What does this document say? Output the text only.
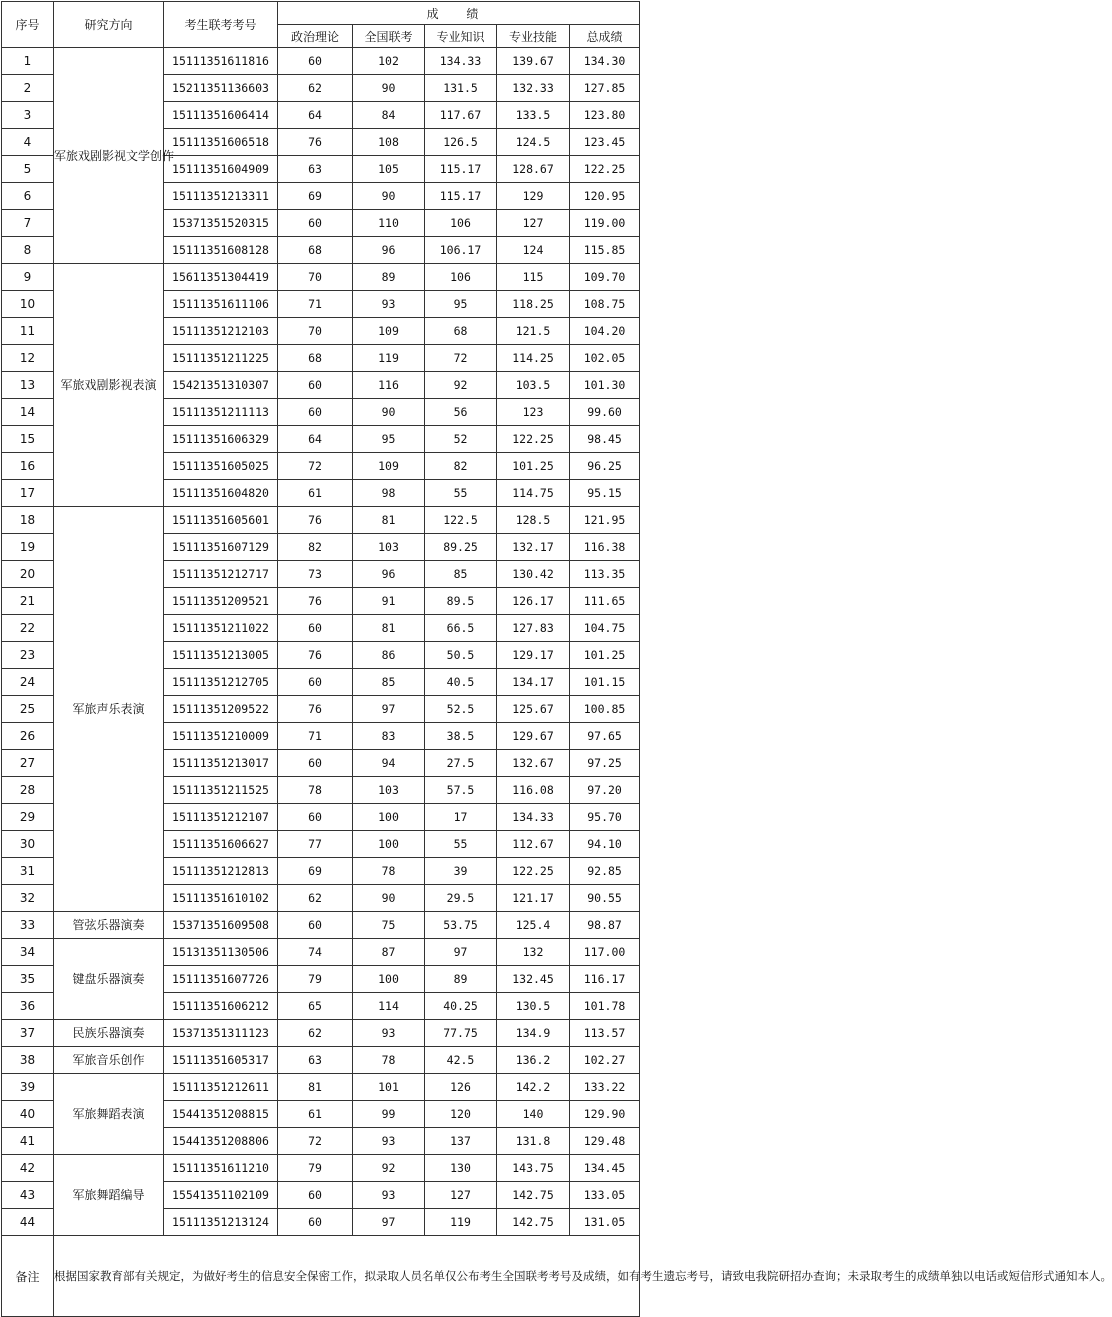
序号	研究方向	考生联考考号	成 绩				
			政治理论	全国联考	专业知识	专业技能	总成绩
1	军旅戏剧影视文学创作	15111351611816	60	102	134.33	139.67	134.30
2		15211351136603	62	90	131.5	132.33	127.85
3		15111351606414	64	84	117.67	133.5	123.80
4		15111351606518	76	108	126.5	124.5	123.45
5		15111351604909	63	105	115.17	128.67	122.25
6		15111351213311	69	90	115.17	129	120.95
7		15371351520315	60	110	106	127	119.00
8		15111351608128	68	96	106.17	124	115.85
9	军旅戏剧影视表演	15611351304419	70	89	106	115	109.70
10		15111351611106	71	93	95	118.25	108.75
11		15111351212103	70	109	68	121.5	104.20
12		15111351211225	68	119	72	114.25	102.05
13		15421351310307	60	116	92	103.5	101.30
14		15111351211113	60	90	56	123	99.60
15		15111351606329	64	95	52	122.25	98.45
16		15111351605025	72	109	82	101.25	96.25
17		15111351604820	61	98	55	114.75	95.15
18	军旅声乐表演	15111351605601	76	81	122.5	128.5	121.95
19		15111351607129	82	103	89.25	132.17	116.38
20		15111351212717	73	96	85	130.42	113.35
21		15111351209521	76	91	89.5	126.17	111.65
22		15111351211022	60	81	66.5	127.83	104.75
23		15111351213005	76	86	50.5	129.17	101.25
24		15111351212705	60	85	40.5	134.17	101.15
25		15111351209522	76	97	52.5	125.67	100.85
26		15111351210009	71	83	38.5	129.67	97.65
27		15111351213017	60	94	27.5	132.67	97.25
28		15111351211525	78	103	57.5	116.08	97.20
29		15111351212107	60	100	17	134.33	95.70
30		15111351606627	77	100	55	112.67	94.10
31		15111351212813	69	78	39	122.25	92.85
32		15111351610102	62	90	29.5	121.17	90.55
33	管弦乐器演奏	15371351609508	60	75	53.75	125.4	98.87
34	键盘乐器演奏	15131351130506	74	87	97	132	117.00
35		15111351607726	79	100	89	132.45	116.17
36		15111351606212	65	114	40.25	130.5	101.78
37	民族乐器演奏	15371351311123	62	93	77.75	134.9	113.57
38	军旅音乐创作	15111351605317	63	78	42.5	136.2	102.27
39	军旅舞蹈表演	15111351212611	81	101	126	142.2	133.22
40		15441351208815	61	99	120	140	129.90
41		15441351208806	72	93	137	131.8	129.48
42	军旅舞蹈编导	15111351611210	79	92	130	143.75	134.45
43		15541351102109	60	93	127	142.75	133.05
44		15111351213124	60	97	119	142.75	131.05
备注	根据国家教育部有关规定，为做好考生的信息安全保密工作，拟录取人员名单仅公布考生全国联考考号及成绩，如有考生遗忘考号，请致电我院研招办查询；未录取考生的成绩单独以电话或短信形式通知本人。						
